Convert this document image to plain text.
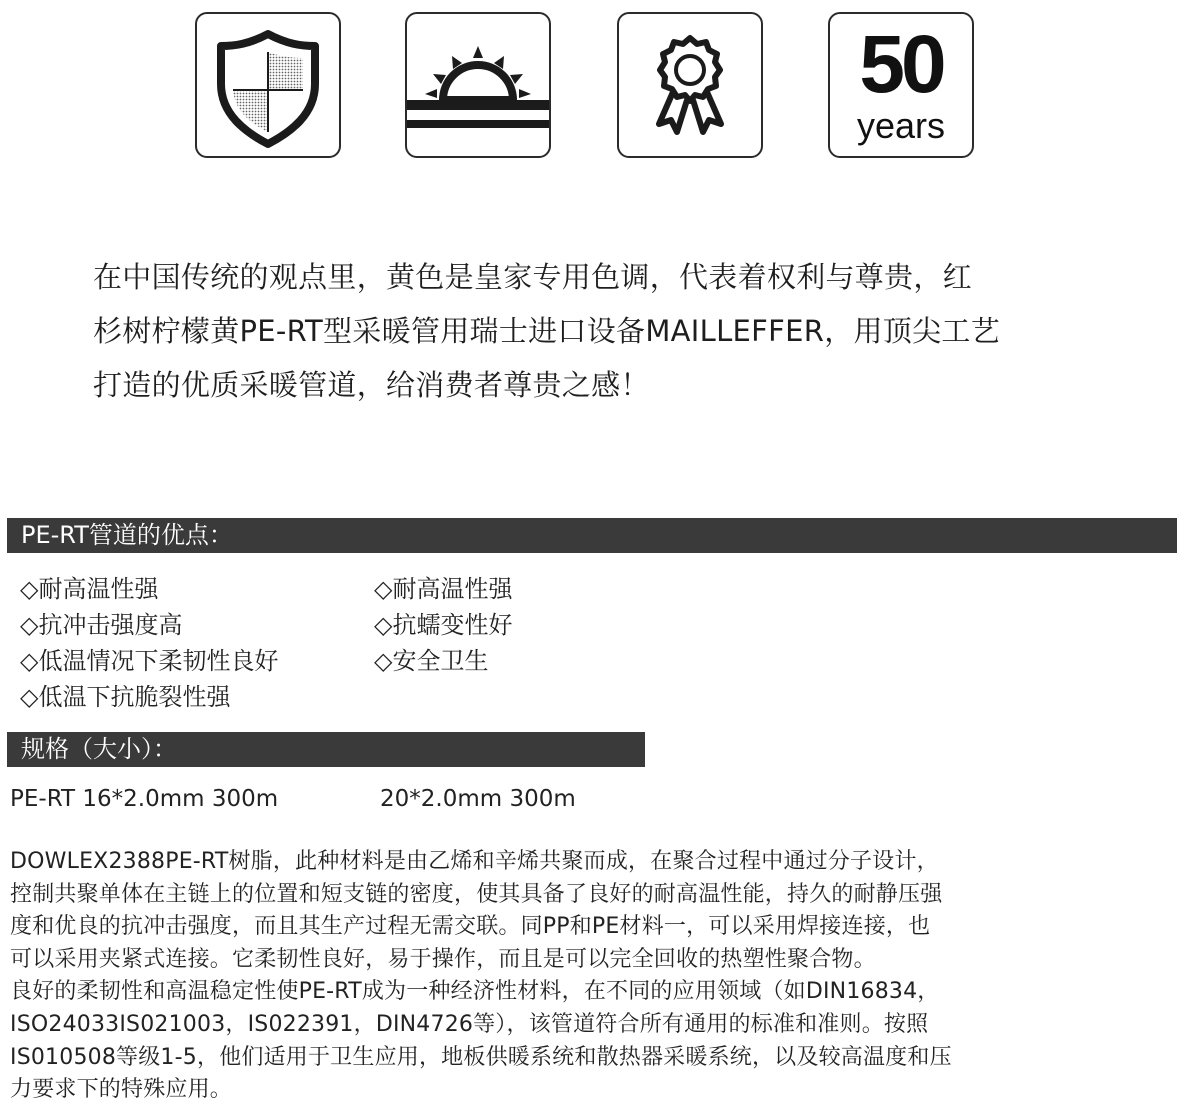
50
years

在中国传统的观点里，黄色是皇家专用色调，代表着权利与尊贵，红

杉树柠檬黄PE-RT型采暖管用瑞士进口设备MAILLEFFER，用顶尖工艺

打造的优质采暖管道，给消费者尊贵之感！

PE-RT管道的优点：
◇耐高温性强
◇抗冲击强度高
◇低温情况下柔韧性良好
◇低温下抗脆裂性强
◇耐高温性强
◇抗蠕变性好
◇安全卫生
规格（大小）：
PE-RT 16*2.0mm 300m	20*2.0mm 300m

DOWLEX2388PE-RT树脂，此种材料是由乙烯和辛烯共聚而成，在聚合过程中通过分子设计，

控制共聚单体在主链上的位置和短支链的密度，使其具备了良好的耐高温性能，持久的耐静压强

度和优良的抗冲击强度，而且其生产过程无需交联。同PP和PE材料一，可以采用焊接连接，也

可以采用夹紧式连接。它柔韧性良好，易于操作，而且是可以完全回收的热塑性聚合物。

良好的柔韧性和高温稳定性使PE-RT成为一种经济性材料，在不同的应用领域（如DIN16834，

ISO24033IS021003，IS022391，DIN4726等），该管道符合所有通用的标准和准则。按照

IS010508等级1-5，他们适用于卫生应用，地板供暖系统和散热器采暖系统，以及较高温度和压

力要求下的特殊应用。
